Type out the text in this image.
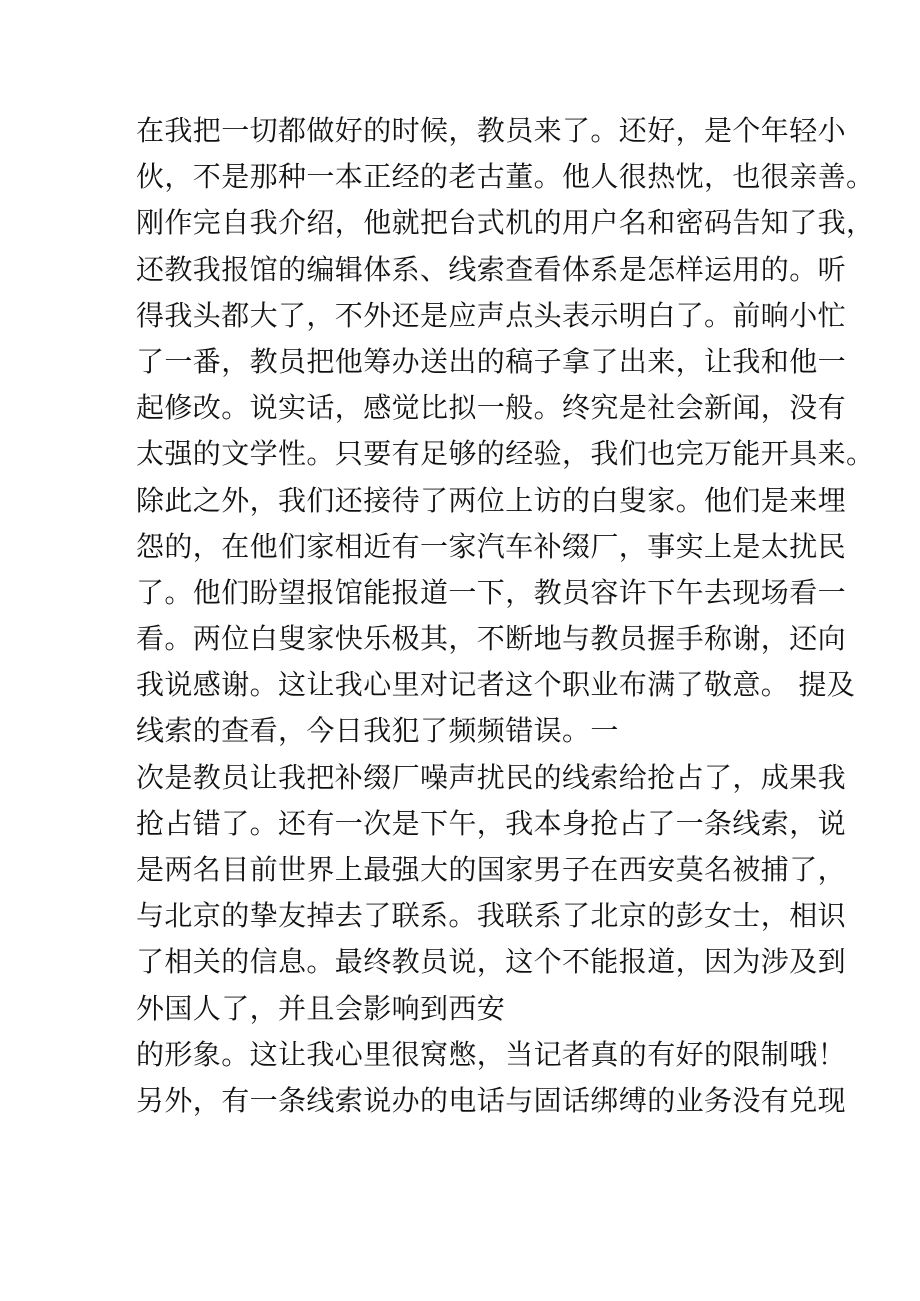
在我把一切都做好的时候，教员来了。还好，是个年轻小
伙，不是那种一本正经的老古董。他人很热忱，也很亲善。
刚作完自我介绍，他就把台式机的用户名和密码告知了我，
还教我报馆的编辑体系、线索查看体系是怎样运用的。听
得我头都大了，不外还是应声点头表示明白了。前晌小忙
了一番，教员把他筹办送出的稿子拿了出来，让我和他一
起修改。说实话，感觉比拟一般。终究是社会新闻，没有
太强的文学性。只要有足够的经验，我们也完万能开具来。
除此之外，我们还接待了两位上访的白叟家。他们是来埋
怨的，在他们家相近有一家汽车补缀厂，事实上是太扰民
了。他们盼望报馆能报道一下，教员容许下午去现场看一
看。两位白叟家快乐极其，不断地与教员握手称谢，还向
我说感谢。这让我心里对记者这个职业布满了敬意。 提及
线索的查看，今日我犯了频频错误。一
次是教员让我把补缀厂噪声扰民的线索给抢占了，成果我
抢占错了。还有一次是下午，我本身抢占了一条线索，说
是两名目前世界上最强大的国家男子在西安莫名被捕了，
与北京的挚友掉去了联系。我联系了北京的彭女士，相识
了相关的信息。最终教员说，这个不能报道，因为涉及到
外国人了，并且会影响到西安
的形象。这让我心里很窝憋，当记者真的有好的限制哦！
另外，有一条线索说办的电话与固话绑缚的业务没有兑现
